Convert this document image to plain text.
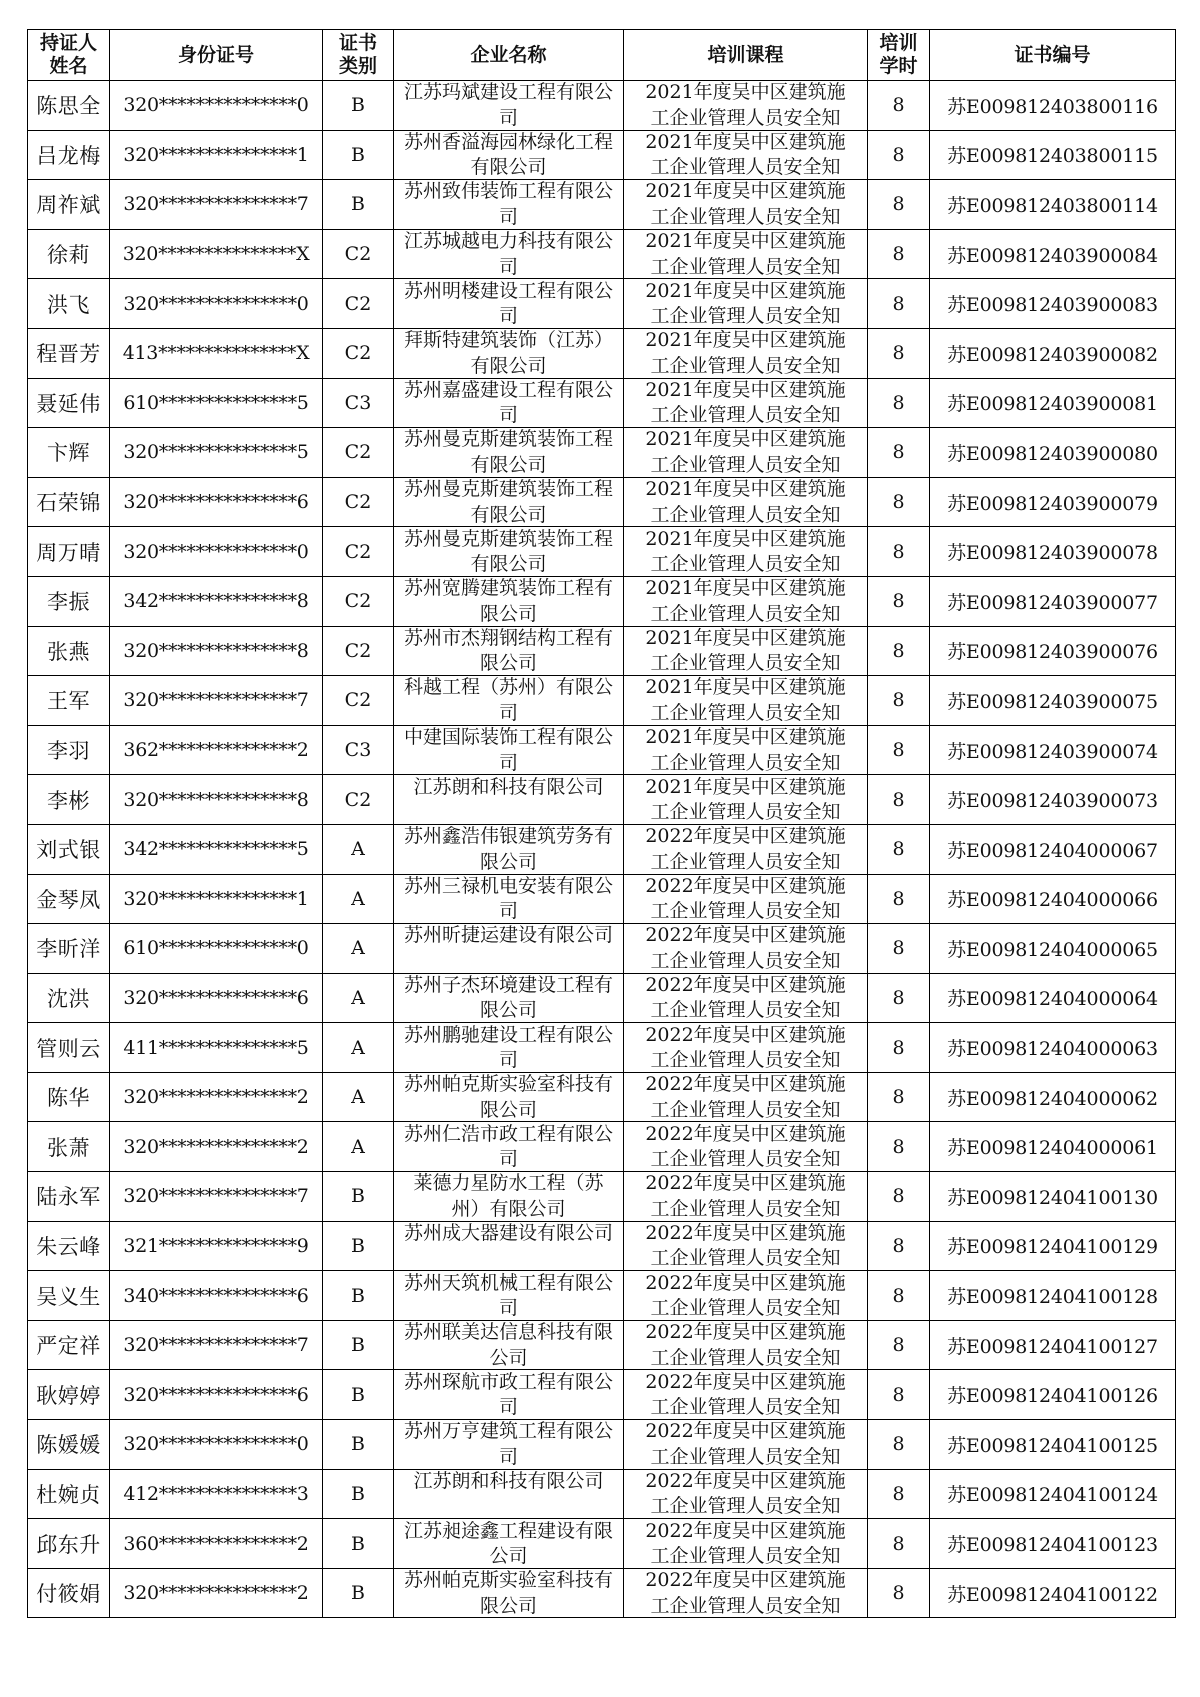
持证人姓名	身份证号	证书类别	企业名称	培训课程	培训学时	证书编号
陈思全	320***************0	B	江苏玛斌建设工程有限公司	2021年度吴中区建筑施工企业管理人员安全知	8	苏E009812403800116
吕龙梅	320***************1	B	苏州香溢海园林绿化工程有限公司	2021年度吴中区建筑施工企业管理人员安全知	8	苏E009812403800115
周祚斌	320***************7	B	苏州致伟装饰工程有限公司	2021年度吴中区建筑施工企业管理人员安全知	8	苏E009812403800114
徐莉	320***************X	C2	江苏城越电力科技有限公司	2021年度吴中区建筑施工企业管理人员安全知	8	苏E009812403900084
洪飞	320***************0	C2	苏州明楼建设工程有限公司	2021年度吴中区建筑施工企业管理人员安全知	8	苏E009812403900083
程晋芳	413***************X	C2	拜斯特建筑装饰（江苏）有限公司	2021年度吴中区建筑施工企业管理人员安全知	8	苏E009812403900082
聂延伟	610***************5	C3	苏州嘉盛建设工程有限公司	2021年度吴中区建筑施工企业管理人员安全知	8	苏E009812403900081
卞辉	320***************5	C2	苏州曼克斯建筑装饰工程有限公司	2021年度吴中区建筑施工企业管理人员安全知	8	苏E009812403900080
石荣锦	320***************6	C2	苏州曼克斯建筑装饰工程有限公司	2021年度吴中区建筑施工企业管理人员安全知	8	苏E009812403900079
周万晴	320***************0	C2	苏州曼克斯建筑装饰工程有限公司	2021年度吴中区建筑施工企业管理人员安全知	8	苏E009812403900078
李振	342***************8	C2	苏州宽腾建筑装饰工程有限公司	2021年度吴中区建筑施工企业管理人员安全知	8	苏E009812403900077
张燕	320***************8	C2	苏州市杰翔钢结构工程有限公司	2021年度吴中区建筑施工企业管理人员安全知	8	苏E009812403900076
王军	320***************7	C2	科越工程（苏州）有限公司	2021年度吴中区建筑施工企业管理人员安全知	8	苏E009812403900075
李羽	362***************2	C3	中建国际装饰工程有限公司	2021年度吴中区建筑施工企业管理人员安全知	8	苏E009812403900074
李彬	320***************8	C2	江苏朗和科技有限公司	2021年度吴中区建筑施工企业管理人员安全知	8	苏E009812403900073
刘式银	342***************5	A	苏州鑫浩伟银建筑劳务有限公司	2022年度吴中区建筑施工企业管理人员安全知	8	苏E009812404000067
金琴凤	320***************1	A	苏州三禄机电安装有限公司	2022年度吴中区建筑施工企业管理人员安全知	8	苏E009812404000066
李昕洋	610***************0	A	苏州昕捷运建设有限公司	2022年度吴中区建筑施工企业管理人员安全知	8	苏E009812404000065
沈洪	320***************6	A	苏州子杰环境建设工程有限公司	2022年度吴中区建筑施工企业管理人员安全知	8	苏E009812404000064
管则云	411***************5	A	苏州鹏驰建设工程有限公司	2022年度吴中区建筑施工企业管理人员安全知	8	苏E009812404000063
陈华	320***************2	A	苏州帕克斯实验室科技有限公司	2022年度吴中区建筑施工企业管理人员安全知	8	苏E009812404000062
张萧	320***************2	A	苏州仁浩市政工程有限公司	2022年度吴中区建筑施工企业管理人员安全知	8	苏E009812404000061
陆永军	320***************7	B	莱德力星防水工程（苏州）有限公司	2022年度吴中区建筑施工企业管理人员安全知	8	苏E009812404100130
朱云峰	321***************9	B	苏州成大器建设有限公司	2022年度吴中区建筑施工企业管理人员安全知	8	苏E009812404100129
吴义生	340***************6	B	苏州天筑机械工程有限公司	2022年度吴中区建筑施工企业管理人员安全知	8	苏E009812404100128
严定祥	320***************7	B	苏州联美达信息科技有限公司	2022年度吴中区建筑施工企业管理人员安全知	8	苏E009812404100127
耿婷婷	320***************6	B	苏州琛航市政工程有限公司	2022年度吴中区建筑施工企业管理人员安全知	8	苏E009812404100126
陈媛媛	320***************0	B	苏州万亨建筑工程有限公司	2022年度吴中区建筑施工企业管理人员安全知	8	苏E009812404100125
杜婉贞	412***************3	B	江苏朗和科技有限公司	2022年度吴中区建筑施工企业管理人员安全知	8	苏E009812404100124
邱东升	360***************2	B	江苏昶途鑫工程建设有限公司	2022年度吴中区建筑施工企业管理人员安全知	8	苏E009812404100123
付筱娟	320***************2	B	苏州帕克斯实验室科技有限公司	2022年度吴中区建筑施工企业管理人员安全知	8	苏E009812404100122
